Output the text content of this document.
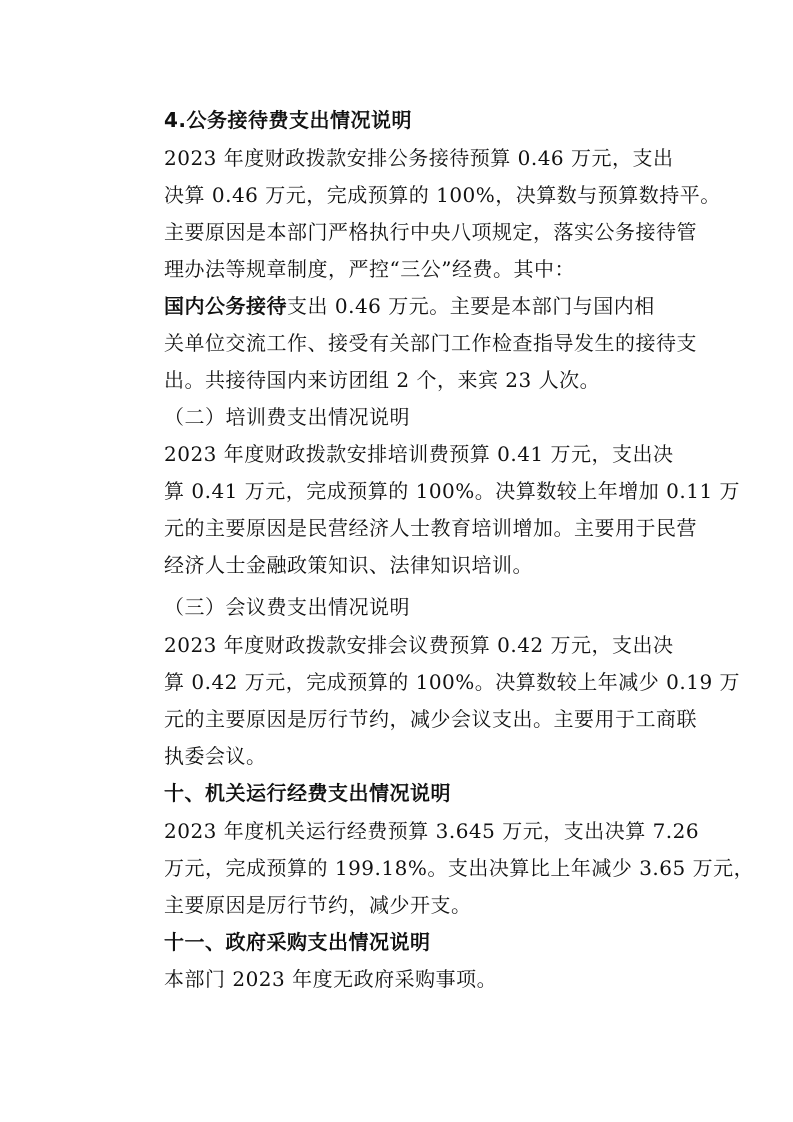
4.公务接待费支出情况说明
2023 年度财政拨款安排公务接待预算 0.46 万元，支出
决算 0.46 万元，完成预算的 100%，决算数与预算数持平。
主要原因是本部门严格执行中央八项规定，落实公务接待管
理办法等规章制度，严控“三公”经费。其中：
国内公务接待支出 0.46 万元。主要是本部门与国内相
关单位交流工作、接受有关部门工作检查指导发生的接待支
出。共接待国内来访团组 2 个，来宾 23 人次。
（二）培训费支出情况说明
2023 年度财政拨款安排培训费预算 0.41 万元，支出决
算 0.41 万元，完成预算的 100%。决算数较上年增加 0.11 万
元的主要原因是民营经济人士教育培训增加。主要用于民营
经济人士金融政策知识、法律知识培训。
（三）会议费支出情况说明
2023 年度财政拨款安排会议费预算 0.42 万元，支出决
算 0.42 万元，完成预算的 100%。决算数较上年减少 0.19 万
元的主要原因是厉行节约，减少会议支出。主要用于工商联
执委会议。
十、机关运行经费支出情况说明
2023 年度机关运行经费预算 3.645 万元，支出决算 7.26
万元，完成预算的 199.18%。支出决算比上年减少 3.65 万元，
主要原因是厉行节约，减少开支。
十一、政府采购支出情况说明
本部门 2023 年度无政府采购事项。
